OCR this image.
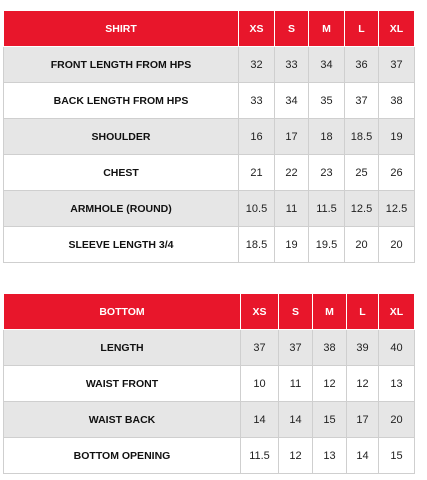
SHIRT	XS	S	M	L	XL
FRONT LENGTH FROM HPS	32	33	34	36	37
BACK LENGTH FROM HPS	33	34	35	37	38
SHOULDER	16	17	18	18.5	19
CHEST	21	22	23	25	26
ARMHOLE (ROUND)	10.5	11	11.5	12.5	12.5
SLEEVE LENGTH 3/4	18.5	19	19.5	20	20
BOTTOM	XS	S	M	L	XL
LENGTH	37	37	38	39	40
WAIST FRONT	10	11	12	12	13
WAIST BACK	14	14	15	17	20
BOTTOM OPENING	11.5	12	13	14	15
